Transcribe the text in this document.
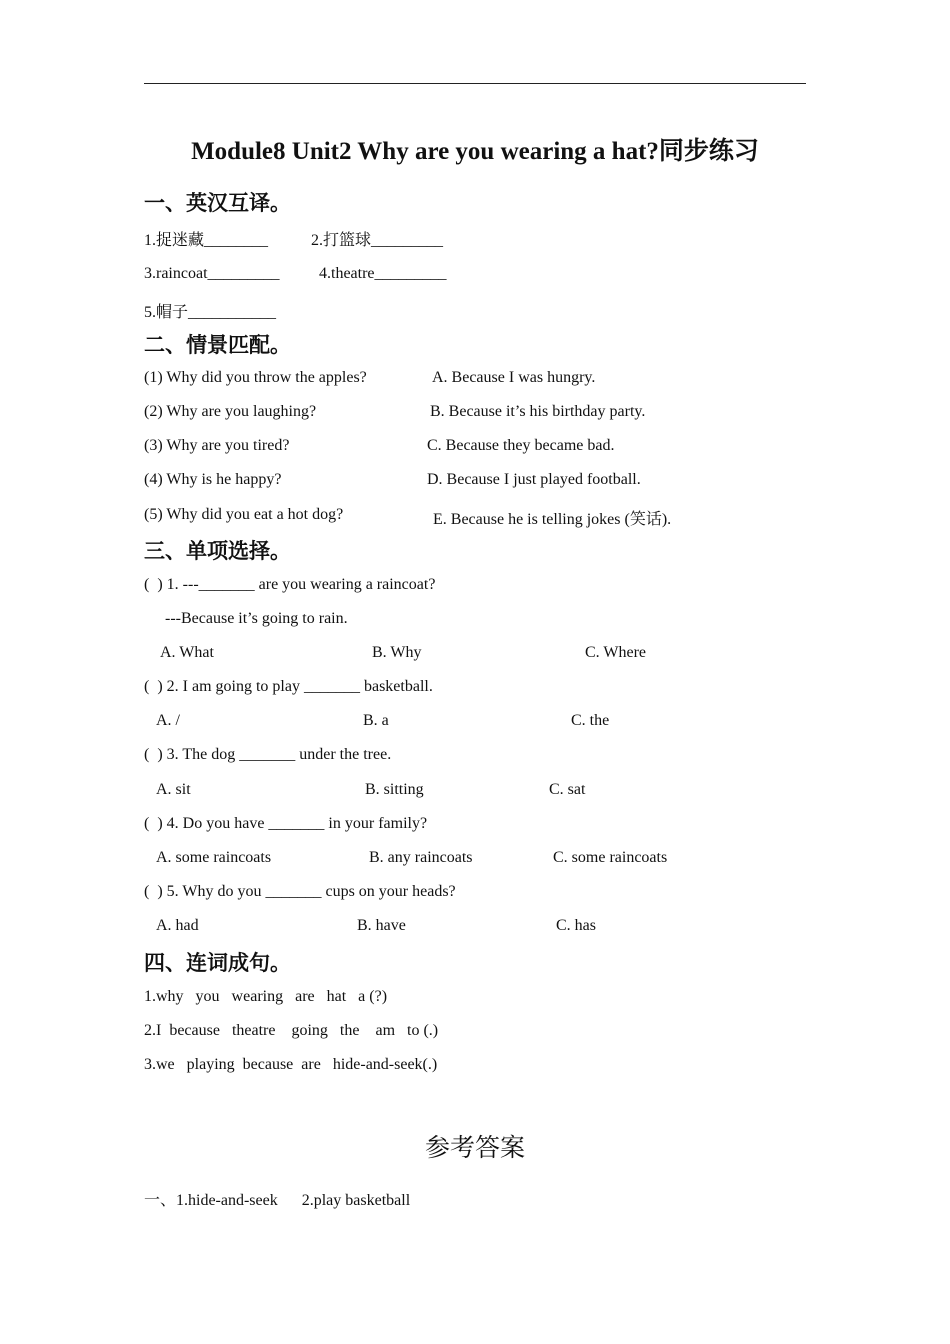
Module8 Unit2 Why are you wearing a hat?同步练习
一、英汉互译。
1.捉迷藏________	2.打篮球_________
3.raincoat_________ 4.theatre_________
5.帽子___________
二、情景匹配。
(1) Why did you throw the apples?	A. Because I was hungry.
(2) Why are you laughing?	B. Because it’s his birthday party.
(3) Why are you tired?	C. Because they became bad.
(4) Why is he happy?	D. Because I just played football.
(5) Why did you eat a hot dog?	E. Because he is telling jokes (笑话).
三、单项选择。
(  ) 1. ---_______ are you wearing a raincoat?
---Because it’s going to rain.
A. What	B. Why	C. Where
(  ) 2. I am going to play _______ basketball.
A. /	B. a	C. the
(  ) 3. The dog _______ under the tree.
A. sit	B. sitting	C. sat
(  ) 4. Do you have _______ in your family?
A. some raincoats	B. any raincoats	C. some raincoats
(  ) 5. Why do you _______ cups on your heads?
A. had	B. have	C. has
四、连词成句。
1.why   you   wearing   are   hat   a (?)
2.I  because   theatre    going   the    am   to (.)
3.we   playing  because  are   hide-and-seek(.)
参考答案
一、1.hide-and-seek      2.play basketball
